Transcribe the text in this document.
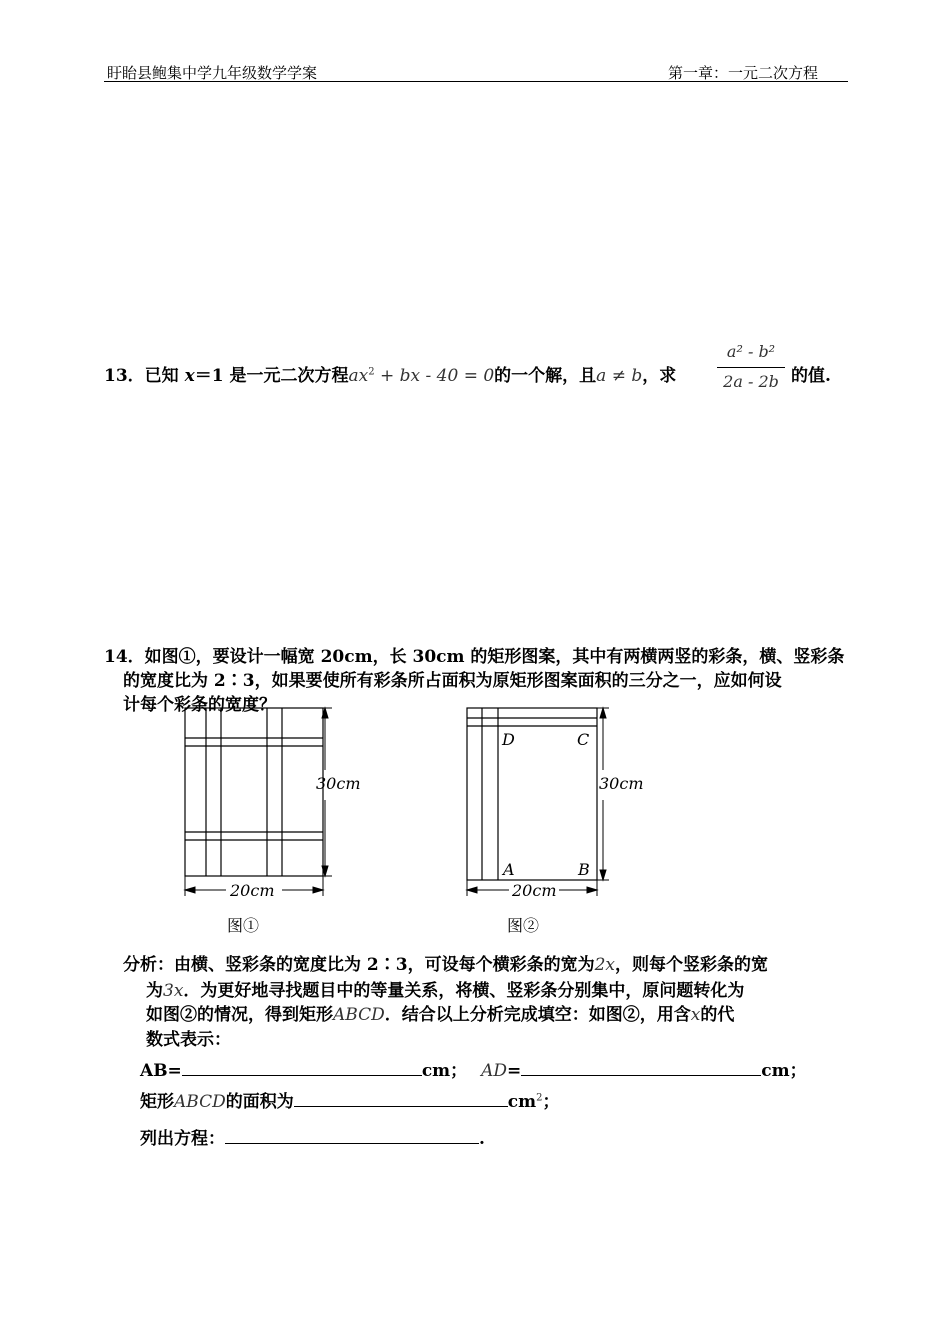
盱眙县鲍集中学九年级数学学案	第一章：一元二次方程
13．已知 x＝1 是一元二次方程$ax^2$ + bx - 40 = 0的一个解，且a ≠ b，求
a² - b²
2a - 2b 的值.
14．如图①，要设计一幅宽 20cm，长 30cm 的矩形图案，其中有两横两竖的彩条，横、竖彩条
的宽度比为 2∶3，如果要使所有彩条所占面积为原矩形图案面积的三分之一，应如何设
计每个彩条的宽度？
30cm
20cm
图①
D	C
A	B
30cm
20cm
图②
分析：由横、竖彩条的宽度比为 2∶3，可设每个横彩条的宽为2x，则每个竖彩条的宽
为3x．为更好地寻找题目中的等量关系，将横、竖彩条分别集中，原问题转化为
如图②的情况，得到矩形ABCD．结合以上分析完成填空：如图②，用含x的代
数式表示：
AB=	cm； AD=	cm；
矩形ABCD的面积为	$cm^2$；
列出方程：	.
